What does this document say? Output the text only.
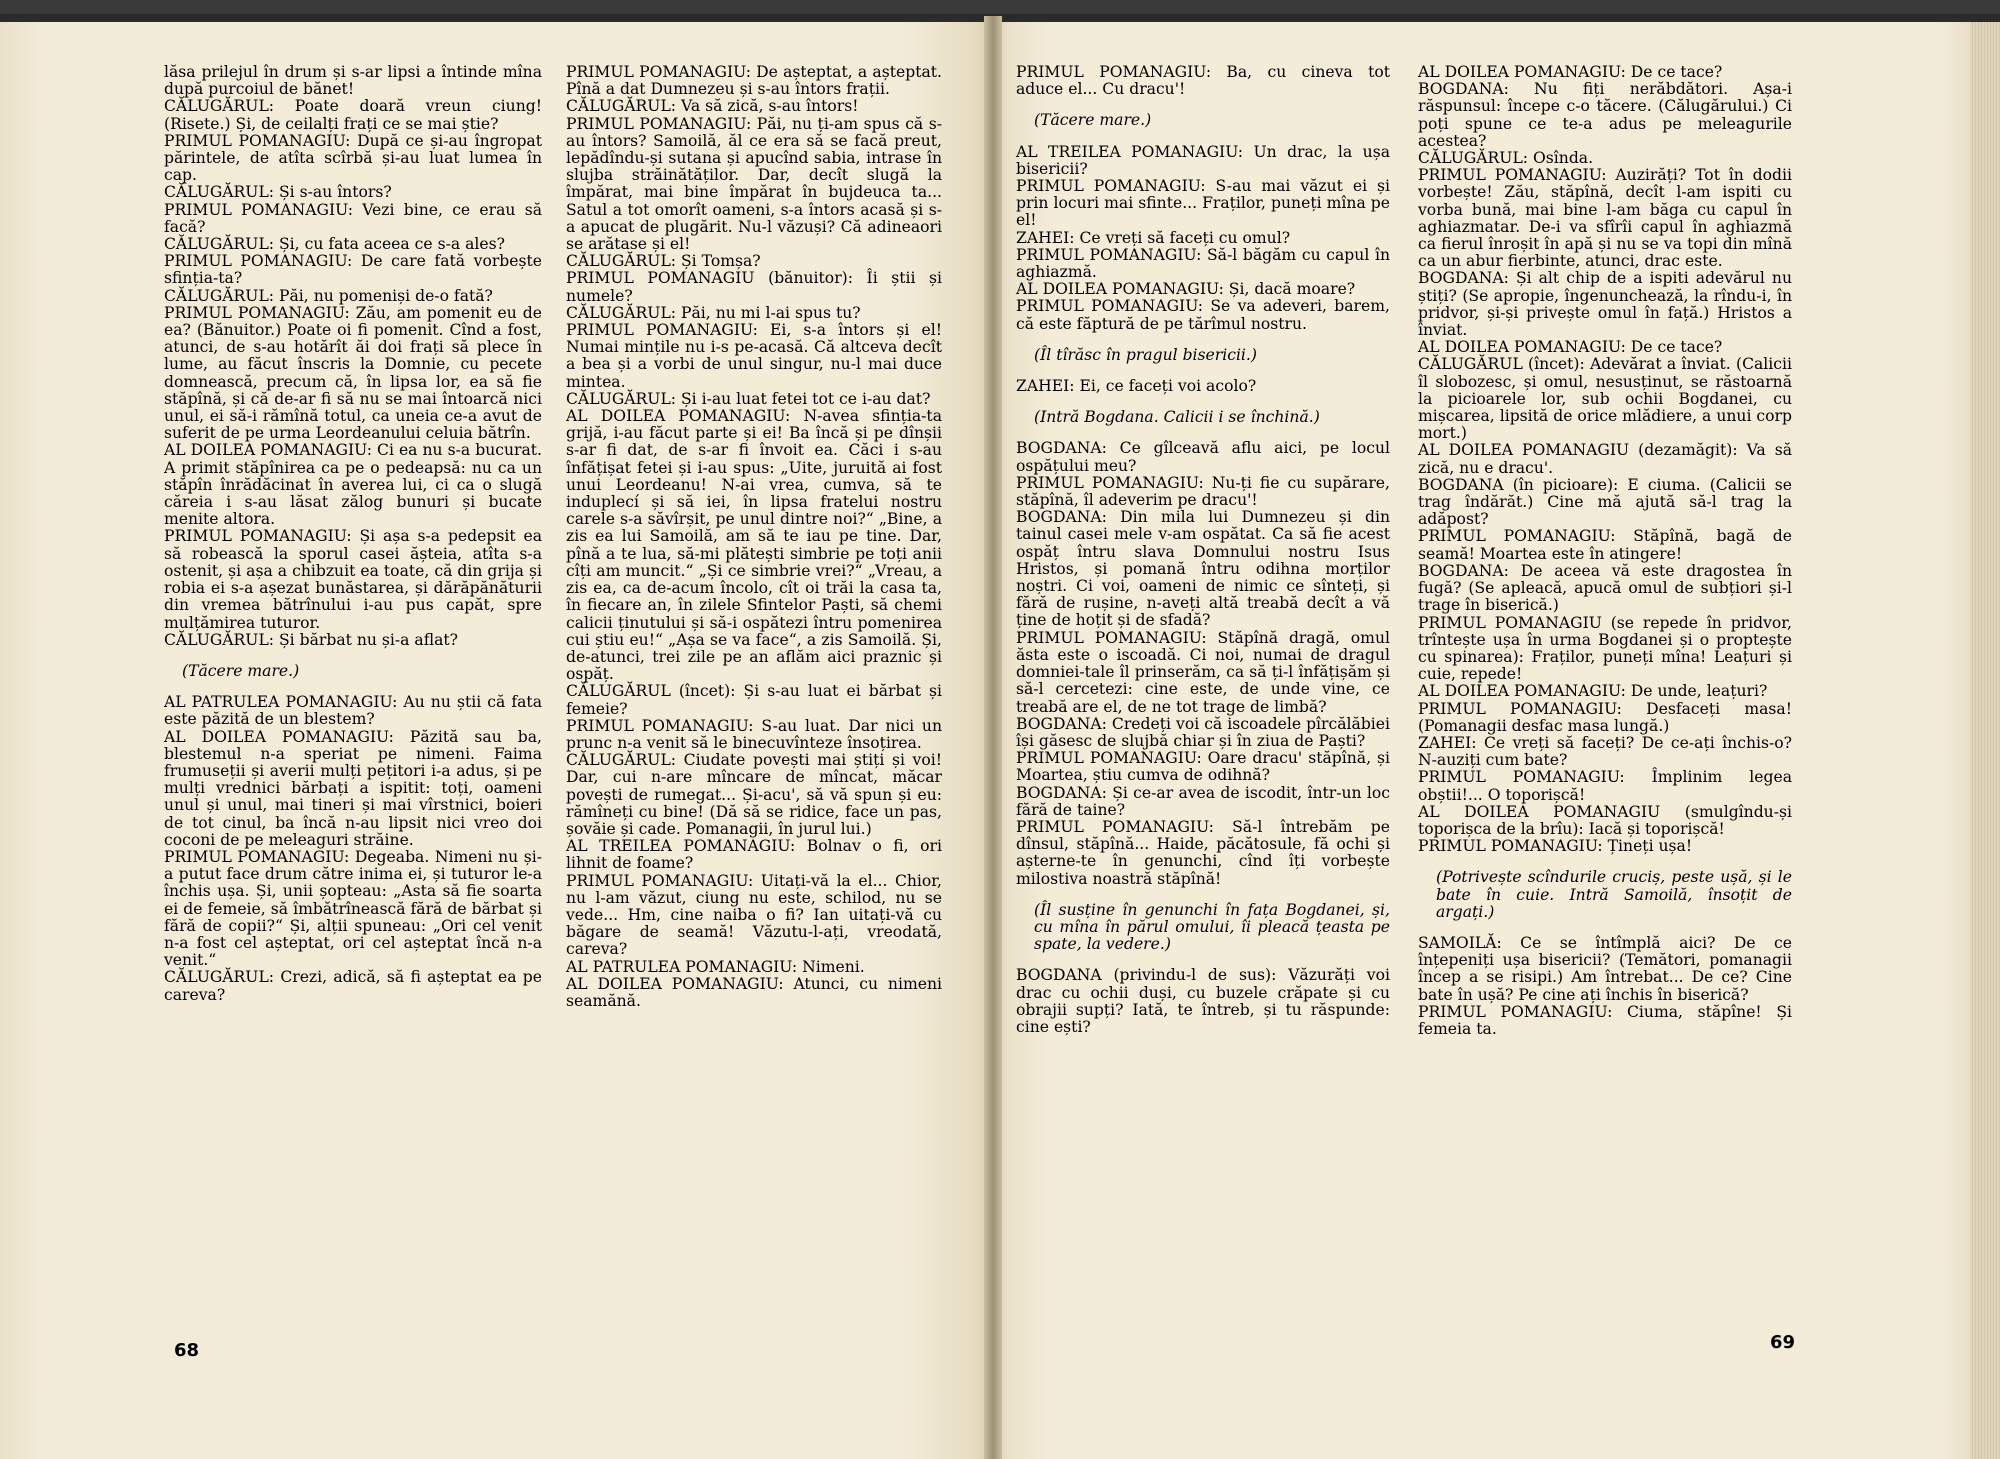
lăsa prilejul în drum și s-ar lipsi a întinde mîna după purcoiul de bănet!

CĂLUGĂRUL: Poate doară vreun ciung! (Risete.) Și, de ceilalți frați ce se mai știe?

PRIMUL POMANAGIU: După ce și-au îngropat părintele, de atîta scîrbă și-au luat lumea în cap.

CĂLUGĂRUL: Și s-au întors?

PRIMUL POMANAGIU: Vezi bine, ce erau să facă?

CĂLUGĂRUL: Și, cu fata aceea ce s-a ales?

PRIMUL POMANAGIU: De care fată vorbește sfinția-ta?

CĂLUGĂRUL: Păi, nu pomeniși de-o fată?

PRIMUL POMANAGIU: Zău, am pomenit eu de ea? (Bănuitor.) Poate oi fi pomenit. Cînd a fost, atunci, de s-au hotărît ăi doi frați să plece în lume, au făcut înscris la Domnie, cu pecete domnească, precum că, în lipsa lor, ea să fie stăpînă, și că de-ar fi să nu se mai întoarcă nici unul, ei să-i rămînă totul, ca uneia ce-a avut de suferit de pe urma Leordeanului celuia bătrîn.

AL DOILEA POMANAGIU: Ci ea nu s-a bucurat. A primit stăpînirea ca pe o pedeapsă: nu ca un stăpîn înrădăcinat în averea lui, ci ca o slugă căreia i s-au lăsat zălog bunuri și bucate menite altora.

PRIMUL POMANAGIU: Și așa s-a pedepsit ea să robească la sporul casei ășteia, atîta s-a ostenit, și așa a chibzuit ea toate, că din grija și robia ei s-a așezat bunăstarea, și dărăpănăturii din vremea bătrînului i-au pus capăt, spre mulțămirea tuturor.

CĂLUGĂRUL: Și bărbat nu și-a aflat?

(Tăcere mare.)

AL PATRULEA POMANAGIU: Au nu știi că fata este păzită de un blestem?

AL DOILEA POMANAGIU: Păzită sau ba, blestemul n-a speriat pe nimeni. Faima frumuseții și averii mulți pețitori i-a adus, și pe mulți vrednici bărbați a ispitit: toți, oameni unul și unul, mai tineri și mai vîrstnici, boieri de tot cinul, ba încă n-au lipsit nici vreo doi coconi de pe meleaguri străine.

PRIMUL POMANAGIU: Degeaba. Nimeni nu și-a putut face drum către inima ei, și tuturor le-a închis ușa. Și, unii șopteau: „Asta să fie soarta ei de femeie, să îmbătrînească fără de bărbat și fără de copii?“ Și, alții spuneau: „Ori cel venit n-a fost cel așteptat, ori cel așteptat încă n-a venit.“

CĂLUGĂRUL: Crezi, adică, să fi așteptat ea pe careva?

PRIMUL POMANAGIU: De așteptat, a așteptat. Pînă a dat Dumnezeu și s-au întors frații.

CĂLUGĂRUL: Va să zică, s-au întors!

PRIMUL POMANAGIU: Păi, nu ți-am spus că s-au întors? Samoilă, ăl ce era să se facă preut, lepădîndu-și sutana și apucînd sabia, intrase în slujba străinătăților. Dar, decît slugă la împărat, mai bine împărat în bujdeuca ta... Satul a tot omorît oameni, s-a întors acasă și s-a apucat de plugărit. Nu-l văzuși? Că adineaori se arătase și el!

CĂLUGĂRUL: Și Tomșa?

PRIMUL POMANAGIU (bănuitor): Îi știi și numele?

CĂLUGĂRUL: Păi, nu mi l-ai spus tu?

PRIMUL POMANAGIU: Ei, s-a întors și el! Numai mințile nu i-s pe-acasă. Că altceva decît a bea și a vorbi de unul singur, nu-l mai duce mintea.

CĂLUGĂRUL: Și i-au luat fetei tot ce i-au dat?

AL DOILEA POMANAGIU: N-avea sfinția-ta grijă, i-au făcut parte și ei! Ba încă și pe dînșii s-ar fi dat, de s-ar fi învoit ea. Căci i s-au înfățișat fetei și i-au spus: „Uite, juruită ai fost unui Leordeanu! N-ai vrea, cumva, să te induplecí și să iei, în lipsa fratelui nostru carele s-a săvîrșit, pe unul dintre noi?“ „Bine, a zis ea lui Samoilă, am să te iau pe tine. Dar, pînă a te lua, să-mi plătești simbrie pe toți anii cîți am muncit.“ „Și ce simbrie vrei?“ „Vreau, a zis ea, ca de-acum încolo, cît oi trăi la casa ta, în fiecare an, în zilele Sfintelor Paști, să chemi calicii ținutului și să-i ospătezi întru pomenirea cui știu eu!“ „Așa se va face“, a zis Samoilă. Și, de-atunci, trei zile pe an aflăm aici praznic și ospăț.

CĂLUGĂRUL (încet): Și s-au luat ei bărbat și femeie?

PRIMUL POMANAGIU: S-au luat. Dar nici un prunc n-a venit să le binecuvînteze însoțirea.

CĂLUGĂRUL: Ciudate povești mai știți și voi! Dar, cui n-are mîncare de mîncat, măcar povești de rumegat... Și-acu', să vă spun și eu: rămîneți cu bine! (Dă să se ridice, face un pas, șovăie și cade. Pomanagii, în jurul lui.)

AL TREILEA POMANAGIU: Bolnav o fi, ori lihnit de foame?

PRIMUL POMANAGIU: Uitați-vă la el... Chior, nu l-am văzut, ciung nu este, schilod, nu se vede... Hm, cine naiba o fi? Ian uitați-vă cu băgare de seamă! Văzutu-l-ați, vreodată, careva?

AL PATRULEA POMANAGIU: Nimeni.

AL DOILEA POMANAGIU: Atunci, cu nimeni seamănă.

PRIMUL POMANAGIU: Ba, cu cineva tot aduce el... Cu dracu'!

(Tăcere mare.)

AL TREILEA POMANAGIU: Un drac, la ușa bisericii?

PRIMUL POMANAGIU: S-au mai văzut ei și prin locuri mai sfinte... Fraților, puneți mîna pe el!

ZAHEI: Ce vreți să faceți cu omul?

PRIMUL POMANAGIU: Să-l băgăm cu capul în aghiazmă.

AL DOILEA POMANAGIU: Și, dacă moare?

PRIMUL POMANAGIU: Se va adeveri, barem, că este făptură de pe tărîmul nostru.

(Îl tîrăsc în pragul bisericii.)

ZAHEI: Ei, ce faceți voi acolo?

(Intră Bogdana. Calicii i se închină.)

BOGDANA: Ce gîlceavă aflu aici, pe locul ospățului meu?

PRIMUL POMANAGIU: Nu-ți fie cu supărare, stăpînă, îl adeverim pe dracu'!

BOGDANA: Din mila lui Dumnezeu și din tainul casei mele v-am ospătat. Ca să fie acest ospăț întru slava Domnului nostru Isus Hristos, și pomană întru odihna morților noștri. Ci voi, oameni de nimic ce sînteți, și fără de rușine, n-aveți altă treabă decît a vă ține de hoțit și de sfadă?

PRIMUL POMANAGIU: Stăpînă dragă, omul ăsta este o iscoadă. Ci noi, numai de dragul domniei-tale îl prinserăm, ca să ți-l înfățișăm și să-l cercetezi: cine este, de unde vine, ce treabă are el, de ne tot trage de limbă?

BOGDANA: Credeți voi că iscoadele pîrcălăbiei își găsesc de slujbă chiar și în ziua de Paști?

PRIMUL POMANAGIU: Oare dracu' stăpînă, și Moartea, știu cumva de odihnă?

BOGDANA: Și ce-ar avea de iscodit, într-un loc fără de taine?

PRIMUL POMANAGIU: Să-l întrebăm pe dînsul, stăpînă... Haide, păcătosule, fă ochi și așterne-te în genunchi, cînd îți vorbește milostiva noastră stăpînă!

(Îl susține în genunchi în fața Bogdanei, și, cu mîna în părul omului, îi pleacă țeasta pe spate, la vedere.)

BOGDANA (privindu-l de sus): Văzurăți voi drac cu ochii duși, cu buzele crăpate și cu obrajii supți? Iată, te întreb, și tu răspunde: cine ești?

AL DOILEA POMANAGIU: De ce tace?

BOGDANA: Nu fiți nerăbdători. Așa-i răspunsul: începe c-o tăcere. (Călugărului.) Ci poți spune ce te-a adus pe meleagurile acestea?

CĂLUGĂRUL: Osînda.

PRIMUL POMANAGIU: Auzirăți? Tot în dodii vorbește! Zău, stăpînă, decît l-am ispiti cu vorba bună, mai bine l-am băga cu capul în aghiazmatar. De-i va sfîrîi capul în aghiazmă ca fierul înroșit în apă și nu se va topi din mînă ca un abur fierbinte, atunci, drac este.

BOGDANA: Și alt chip de a ispiti adevărul nu știți? (Se apropie, îngenunchează, la rîndu-i, în pridvor, și-și privește omul în față.) Hristos a înviat.

AL DOILEA POMANAGIU: De ce tace?

CĂLUGĂRUL (încet): Adevărat a înviat. (Calicii îl slobozesc, și omul, nesusținut, se răstoarnă la picioarele lor, sub ochii Bogdanei, cu mișcarea, lipsită de orice mlădiere, a unui corp mort.)

AL DOILEA POMANAGIU (dezamăgit): Va să zică, nu e dracu'.

BOGDANA (în picioare): E ciuma. (Calicii se trag îndărăt.) Cine mă ajută să-l trag la adăpost?

PRIMUL POMANAGIU: Stăpînă, bagă de seamă! Moartea este în atingere!

BOGDANA: De aceea vă este dragostea în fugă? (Se apleacă, apucă omul de subțiori și-l trage în biserică.)

PRIMUL POMANAGIU (se repede în pridvor, trîntește ușa în urma Bogdanei și o proptește cu spinarea): Fraților, puneți mîna! Leațuri și cuie, repede!

AL DOILEA POMANAGIU: De unde, leațuri?

PRIMUL POMANAGIU: Desfaceți masa! (Pomanagii desfac masa lungă.)

ZAHEI: Ce vreți să faceți? De ce-ați închis-o? N-auziți cum bate?

PRIMUL POMANAGIU: Împlinim legea obștii!... O toporișcă!

AL DOILEA POMANAGIU (smulgîndu-și toporișca de la brîu): Iacă și toporișcă!

PRIMUL POMANAGIU: Țineți ușa!

(Potrivește scîndurile cruciș, peste ușă, și le bate în cuie. Intră Samoilă, însoțit de argați.)

SAMOILĂ: Ce se întîmplă aici? De ce înțepeniți ușa bisericii? (Temători, pomanagii încep a se risipi.) Am întrebat... De ce? Cine bate în ușă? Pe cine ați închis în biserică?

PRIMUL POMANAGIU: Ciuma, stăpîne! Și femeia ta.

68	69
